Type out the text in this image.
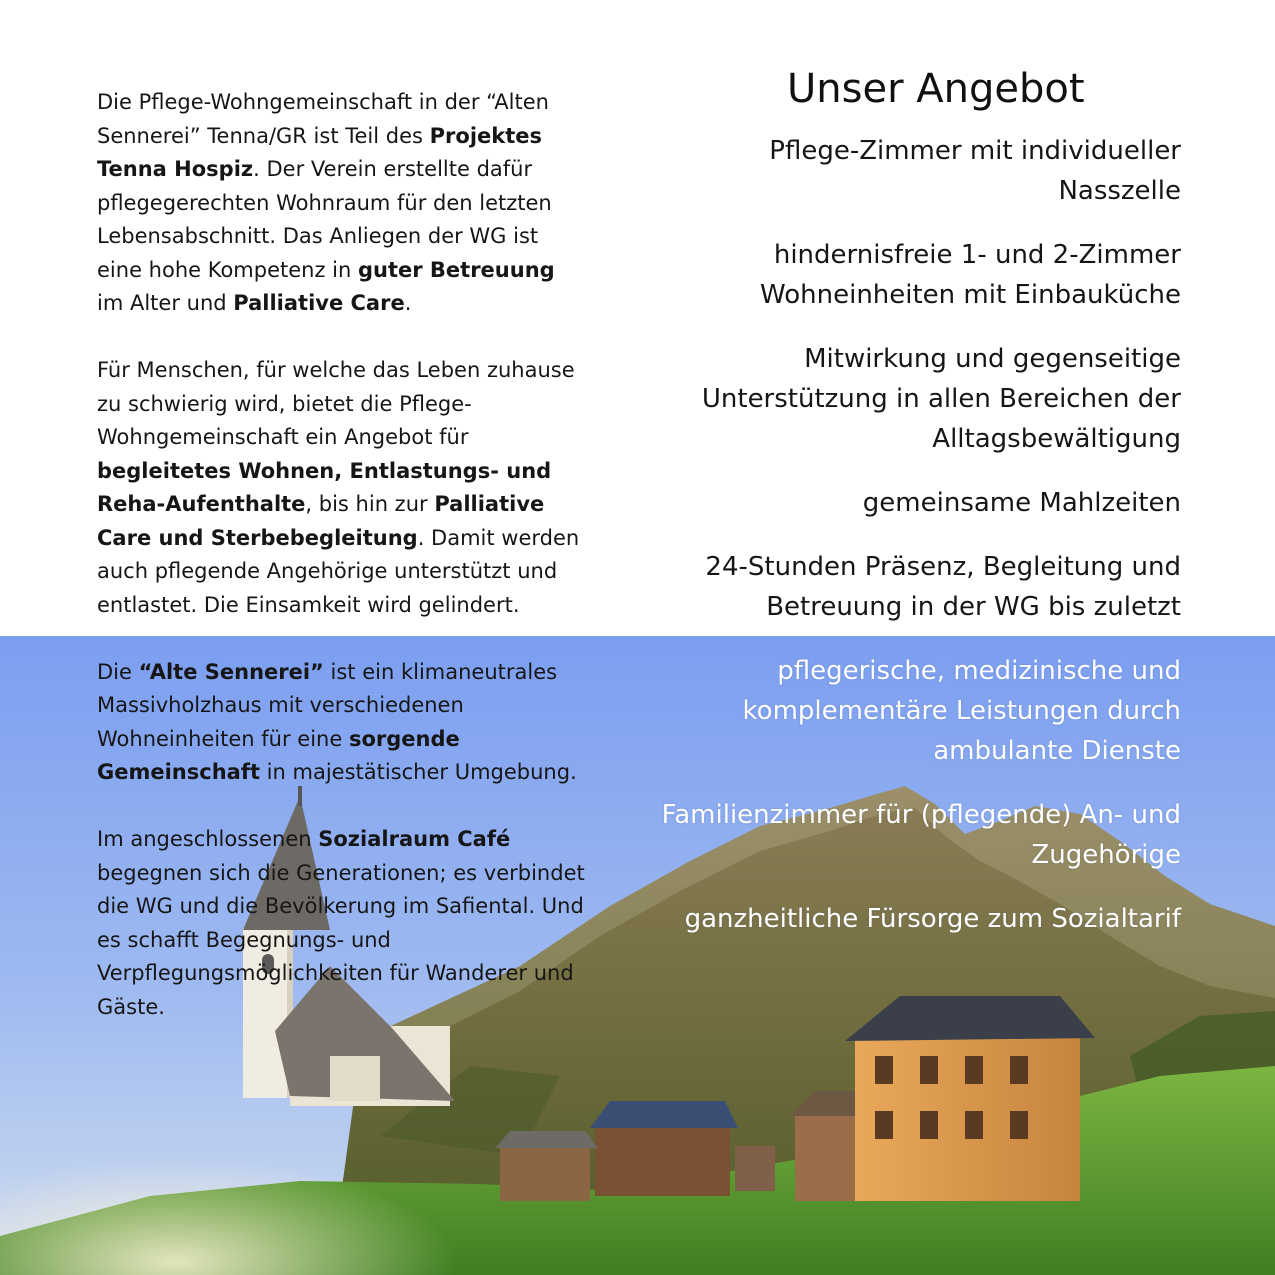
Die Pflege-Wohngemeinschaft in der “Alten Sennerei” Tenna/GR ist Teil des Projektes Tenna Hospiz. Der Verein erstellte dafür pflegegerechten Wohnraum für den letzten Lebensabschnitt. Das Anliegen der WG ist eine hohe Kompetenz in guter Betreuung im Alter und Palliative Care.

Für Menschen, für welche das Leben zuhause zu schwierig wird, bietet die Pflege-Wohngemeinschaft ein Angebot für begleitetes Wohnen, Entlastungs- und Reha-Aufenthalte, bis hin zur Palliative Care und Sterbebegleitung. Damit werden auch pflegende Angehörige unterstützt und entlastet. Die Einsamkeit wird gelindert.

Die “Alte Sennerei” ist ein klimaneutrales Massivholzhaus mit verschiedenen Wohneinheiten für eine sorgende Gemeinschaft in majestätischer Umgebung.

Im angeschlossenen Sozialraum Café begegnen sich die Generationen; es verbindet die WG und die Bevölkerung im Safiental. Und es schafft Begegnungs- und Verpflegungsmöglichkeiten für Wanderer und Gäste.

Unser Angebot
Pflege-Zimmer mit individueller Nasszelle
hindernisfreie 1- und 2-Zimmer Wohneinheiten mit Einbauküche
Mitwirkung und gegenseitige Unterstützung in allen Bereichen der Alltagsbewältigung
gemeinsame Mahlzeiten
24-Stunden Präsenz, Begleitung und Betreuung in der WG bis zuletzt
pflegerische, medizinische und komplementäre Leistungen durch ambulante Dienste
Familienzimmer für (pflegende) An- und Zugehörige
ganzheitliche Fürsorge zum Sozialtarif
